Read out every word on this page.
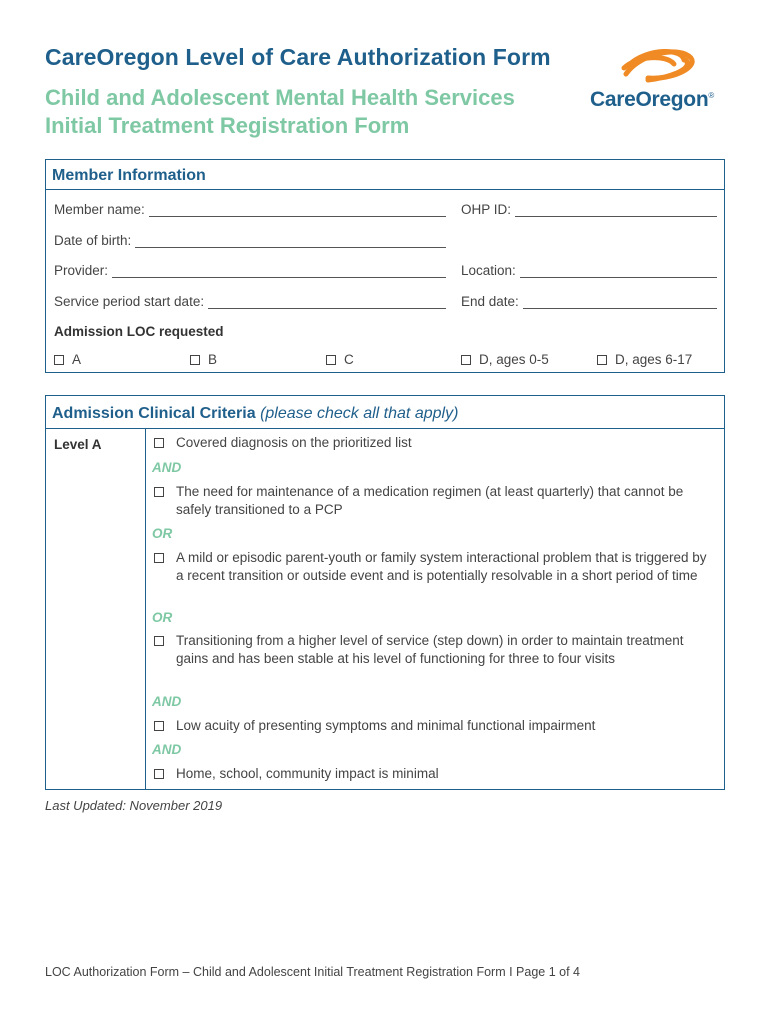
CareOregon Level of Care Authorization Form
Child and Adolescent Mental Health Services
Initial Treatment Registration Form
CareOregon®
Member Information
Member name:	OHP ID:
Date of birth:
Provider:	Location:
Service period start date:	End date:
Admission LOC requested
A	B	C	D, ages 0-5	D, ages 6-17
Admission Clinical Criteria (please check all that apply)
Level A	Covered diagnosis on the prioritized list
AND
The need for maintenance of a medication regimen (at least quarterly) that cannot be safely transitioned to a PCP
OR
A mild or episodic parent-youth or family system interactional problem that is triggered by a recent transition or outside event and is potentially resolvable in a short period of time
OR
Transitioning from a higher level of service (step down) in order to maintain treatment gains and has been stable at his level of functioning for three to four visits
AND
Low acuity of presenting symptoms and minimal functional impairment
AND
Home, school, community impact is minimal
Last Updated: November 2019
LOC Authorization Form – Child and Adolescent Initial Treatment Registration Form I Page 1 of 4
